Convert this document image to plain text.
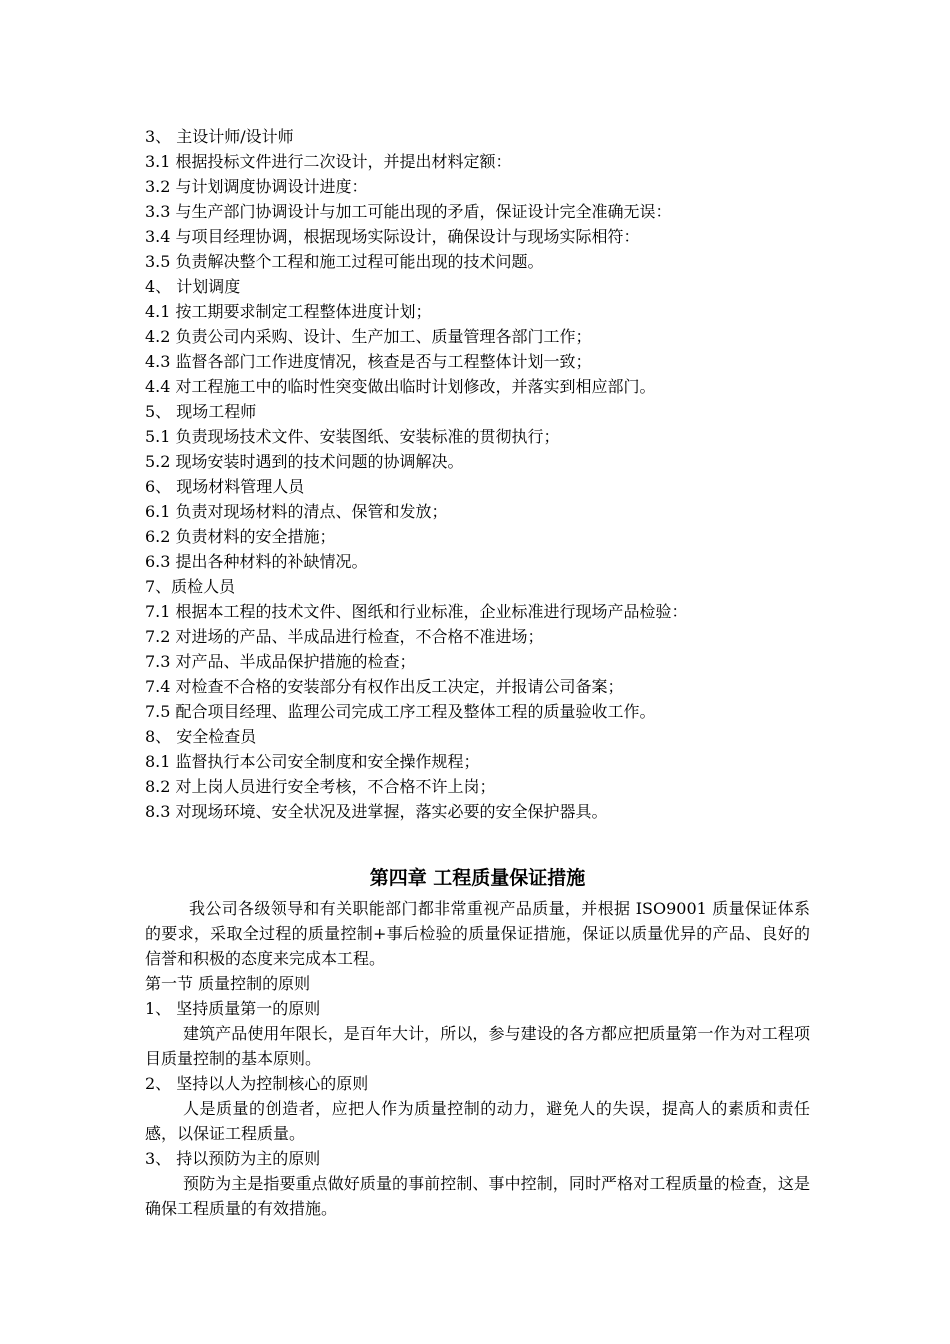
3、 主设计师/设计师
3.1 根据投标文件进行二次设计，并提出材料定额：
3.2 与计划调度协调设计进度：
3.3 与生产部门协调设计与加工可能出现的矛盾，保证设计完全准确无误：
3.4 与项目经理协调，根据现场实际设计，确保设计与现场实际相符：
3.5 负责解决整个工程和施工过程可能出现的技术问题。
4、 计划调度
4.1 按工期要求制定工程整体进度计划；
4.2 负责公司内采购、设计、生产加工、质量管理各部门工作；
4.3 监督各部门工作进度情况，核查是否与工程整体计划一致；
4.4 对工程施工中的临时性突变做出临时计划修改，并落实到相应部门。
5、 现场工程师
5.1 负责现场技术文件、安装图纸、安装标准的贯彻执行；
5.2 现场安装时遇到的技术问题的协调解决。
6、 现场材料管理人员
6.1 负责对现场材料的清点、保管和发放；
6.2 负责材料的安全措施；
6.3 提出各种材料的补缺情况。
7、质检人员
7.1 根据本工程的技术文件、图纸和行业标准，企业标准进行现场产品检验：
7.2 对进场的产品、半成品进行检查，不合格不准进场；
7.3 对产品、半成品保护措施的检查；
7.4 对检查不合格的安装部分有权作出反工决定，并报请公司备案；
7.5 配合项目经理、监理公司完成工序工程及整体工程的质量验收工作。
8、 安全检查员
8.1 监督执行本公司安全制度和安全操作规程；
8.2 对上岗人员进行安全考核，不合格不许上岗；
8.3 对现场环境、安全状况及进掌握，落实必要的安全保护器具。
第四章 工程质量保证措施
我公司各级领导和有关职能部门都非常重视产品质量，并根据 ISO9001 质量保证体系的要求，采取全过程的质量控制+事后检验的质量保证措施，保证以质量优异的产品、良好的信誉和积极的态度来完成本工程。
第一节 质量控制的原则
1、 坚持质量第一的原则
建筑产品使用年限长，是百年大计，所以，参与建设的各方都应把质量第一作为对工程项目质量控制的基本原则。
2、 坚持以人为控制核心的原则
人是质量的创造者，应把人作为质量控制的动力，避免人的失误，提高人的素质和责任感，以保证工程质量。
3、 持以预防为主的原则
预防为主是指要重点做好质量的事前控制、事中控制，同时严格对工程质量的检查，这是确保工程质量的有效措施。
